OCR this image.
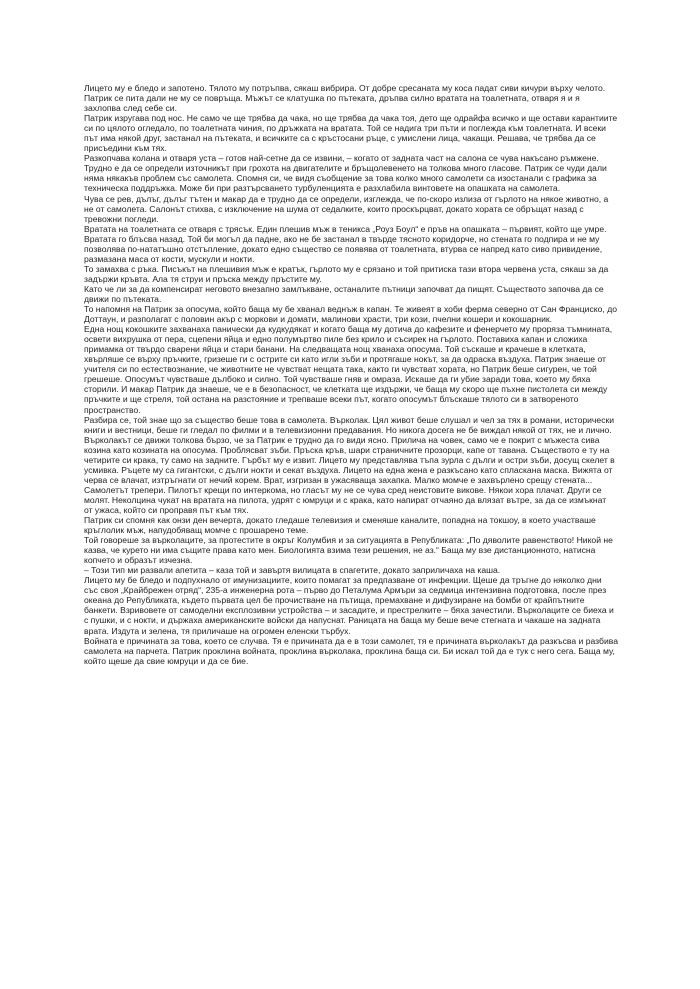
Лицето му е бледо и запотено. Тялото му потръпва, сякаш вибрира. От добре сресаната му коса падат сиви кичури върху челото. Патрик се пита дали не му се повръща. Мъжът се клатушка по пътеката, дръпва силно вратата на тоалетната, отваря я и я захлопва след себе си.

Патрик изругава под нос. Не само че ще трябва да чака, но ще трябва да чака тоя, дето ще одрайфа всичко и ще остави карантиите си по цялото огледало, по тоалетната чиния, по дръжката на вратата. Той се надига три пъти и поглежда към тоалетната. И всеки път има някой друг, застанал на пътеката, и всичките са с кръстосани ръце, с умислени лица, чакащи. Решава, че трябва да се присъедини към тях.

Разкопчава колана и отваря уста – готов най-сетне да се извини, – когато от задната част на салона се чува накъсано ръмжене. Трудно е да се определи източникът при грохота на двигателите и бръщолевенето на толкова много гласове. Патрик се чуди дали няма някакъв проблем със самолета. Спомня си, че видя съобщение за това колко много самолети са изостанали с графика за техническа поддръжка. Може би при разтърсването турбуленцията е разхлабила винтовете на опашката на самолета.

Чува се рев, дълъг, дълъг тътен и макар да е трудно да се определи, изглежда, че по-скоро излиза от гърлото на някое животно, а не от самолета. Салонът стихва, с изключение на шума от седалките, които проскърцват, докато хората се обръщат назад с тревожни погледи.

Вратата на тоалетната се отваря с трясък. Един плешив мъж в теникса „Роуз Боул“ е пръв на опашката – първият, който ще умре. Вратата го блъсва назад. Той би могъл да падне, ако не бе застанал в твърде тясното коридорче, но стената го подпира и не му позволява по-нататъшно отстъпление, докато едно същество се появява от тоалетната, втурва се напред като сиво привидение, размазана маса от кости, мускули и нокти.

То замахва с ръка. Писъкът на плешивия мъж е кратък, гърлото му е срязано и той притиска тази втора червена уста, сякаш за да задържи кръвта. Ала тя струи и пръска между пръстите му.

Като че ли за да компенсират неговото внезапно замлъкване, останалите пътници започват да пищят. Съществото започва да се движи по пътеката.

То напомня на Патрик за опосума, който баща му бе хванал веднъж в капан. Те живеят в хоби ферма северно от Сан Франциско, до Доттаун, и разполагат с половин акър с моркови и домати, малинови храсти, три кози, пчелни кошери и кокошарник.

Една нощ кокошките захванаха панически да кудкудякат и когато баща му дотича до кафезите и фенерчето му прорязa тъмнината, освети вихрушка от пера, сцепени яйца и едно полумъртво пиле без крило и съсирек на гърлото. Поставиха капан и сложиха примамка от твърдо сварени яйца и стари банани. На следващата нощ хванаха опосума. Той съскаше и крачеше в клетката, хвърляше се върху пръчките, гризеше ги с острите си като игли зъби и протягаше нокът, за да одраска въздуха. Патрик знаеше от учителя си по естествознание, че животните не чувстват нещата така, както ги чувстват хората, но Патрик беше сигурен, че той грешеше. Опосумът чувстваше дълбоко и силно. Той чувстваше гняв и омраза. Искаше да ги убие заради това, което му бяха сторили. И макар Патрик да знаеше, че е в безопасност, че клетката ще издържи, че баща му скоро ще пъхне пистолета си между пръчките и ще стреля, той остана на разстояние и трепваше всеки път, когато опосумът блъскаше тялото си в затвореното пространство.

Разбира се, той знае що за същество беше това в самолета. Върколак. Цял живот беше слушал и чел за тях в романи, исторически книги и вестници, беше ги гледал по филми и в телевизионни предавания. Но никога досега не бе виждал някой от тях, не и лично.

Върколакът се движи толкова бързо, че за Патрик е трудно да го види ясно. Прилича на човек, само че е покрит с мъжеста сива козина като козината на опосума. Проблясват зъби. Пръска кръв, шари страничните прозорци, капе от тавана. Съществото е ту на четирите си крака, ту само на задните. Гърбът му е извит. Лицето му представлява тъпа зурла с дълги и остри зъби, досущ скелет в усмивка. Ръцете му са гигантски, с дълги нокти и секат въздуха. Лицето на една жена е разкъсано като спласкана маска. Вижята от черва се влачат, изтръгнати от нечий корем. Врат, изгризан в ужасяваща захапка. Малко момче е захвърлено срещу стената...

Самолетът трепери. Пилотът крещи по интеркома, но гласът му не се чува сред неистовите викове. Някои хора плачат. Други се молят. Неколцина чукат на вратата на пилота, удрят с юмруци и с крака, като напират отчаяно да влязат вътре, за да се измъкнат
от ужаса, който си проправя път към тях.

Патрик си спомня как онзи ден вечерта, докато гледаше телевизия и сменяше каналите, попадна на токшоу, в което участваше кръглолик мъж, напудобяващ момче с прошарено теме.

Той говореше за върколаците, за протестите в окръг Колумбия и за ситуацията в Републиката: „По дяволите равенството! Никой не казва, че курето ни има същите права като мен. Биологията взима тези решения, не аз.“ Баща му взе дистанционното, натисна копчето и образът изчезна.

– Този тип ми развали апетита – каза той и завъртя вилицата в спагетите, докато заприличаха на каша.

Лицето му бе бледо и подпухнало от имунизациите, които помагат за предпазване от инфекции. Щеше да тръгне до няколко дни със своя „Крайбрежен отряд“, 235-а инженерна рота – първо до Петалума Армъри за седмица интензивна подготовка, после през океана до Републиката, където първата цел бе прочистване на пътища, премахване и дифузиране на бомби от крайпътните банкети. Взривовете от самоделни експлозивни устройства – и засадите, и престрелките – бяха зачестили. Върколаците се биеха и с пушки, и с нокти, и държаха американските войски да напуснат. Раницата на баща му беше вече стегната и чакаше на задната врата. Издута и зелена, тя приличаше на огромен еленски търбух.

Войната е причината за това, което се случва. Тя е причината да е в този самолет, тя е причината върколакът да разкъсва и разбива самолета на парчета. Патрик проклина войната, проклина върколака, проклина баща си. Би искал той да е тук с него сега. Баща му, който щеше да свие юмруци и да се бие.
